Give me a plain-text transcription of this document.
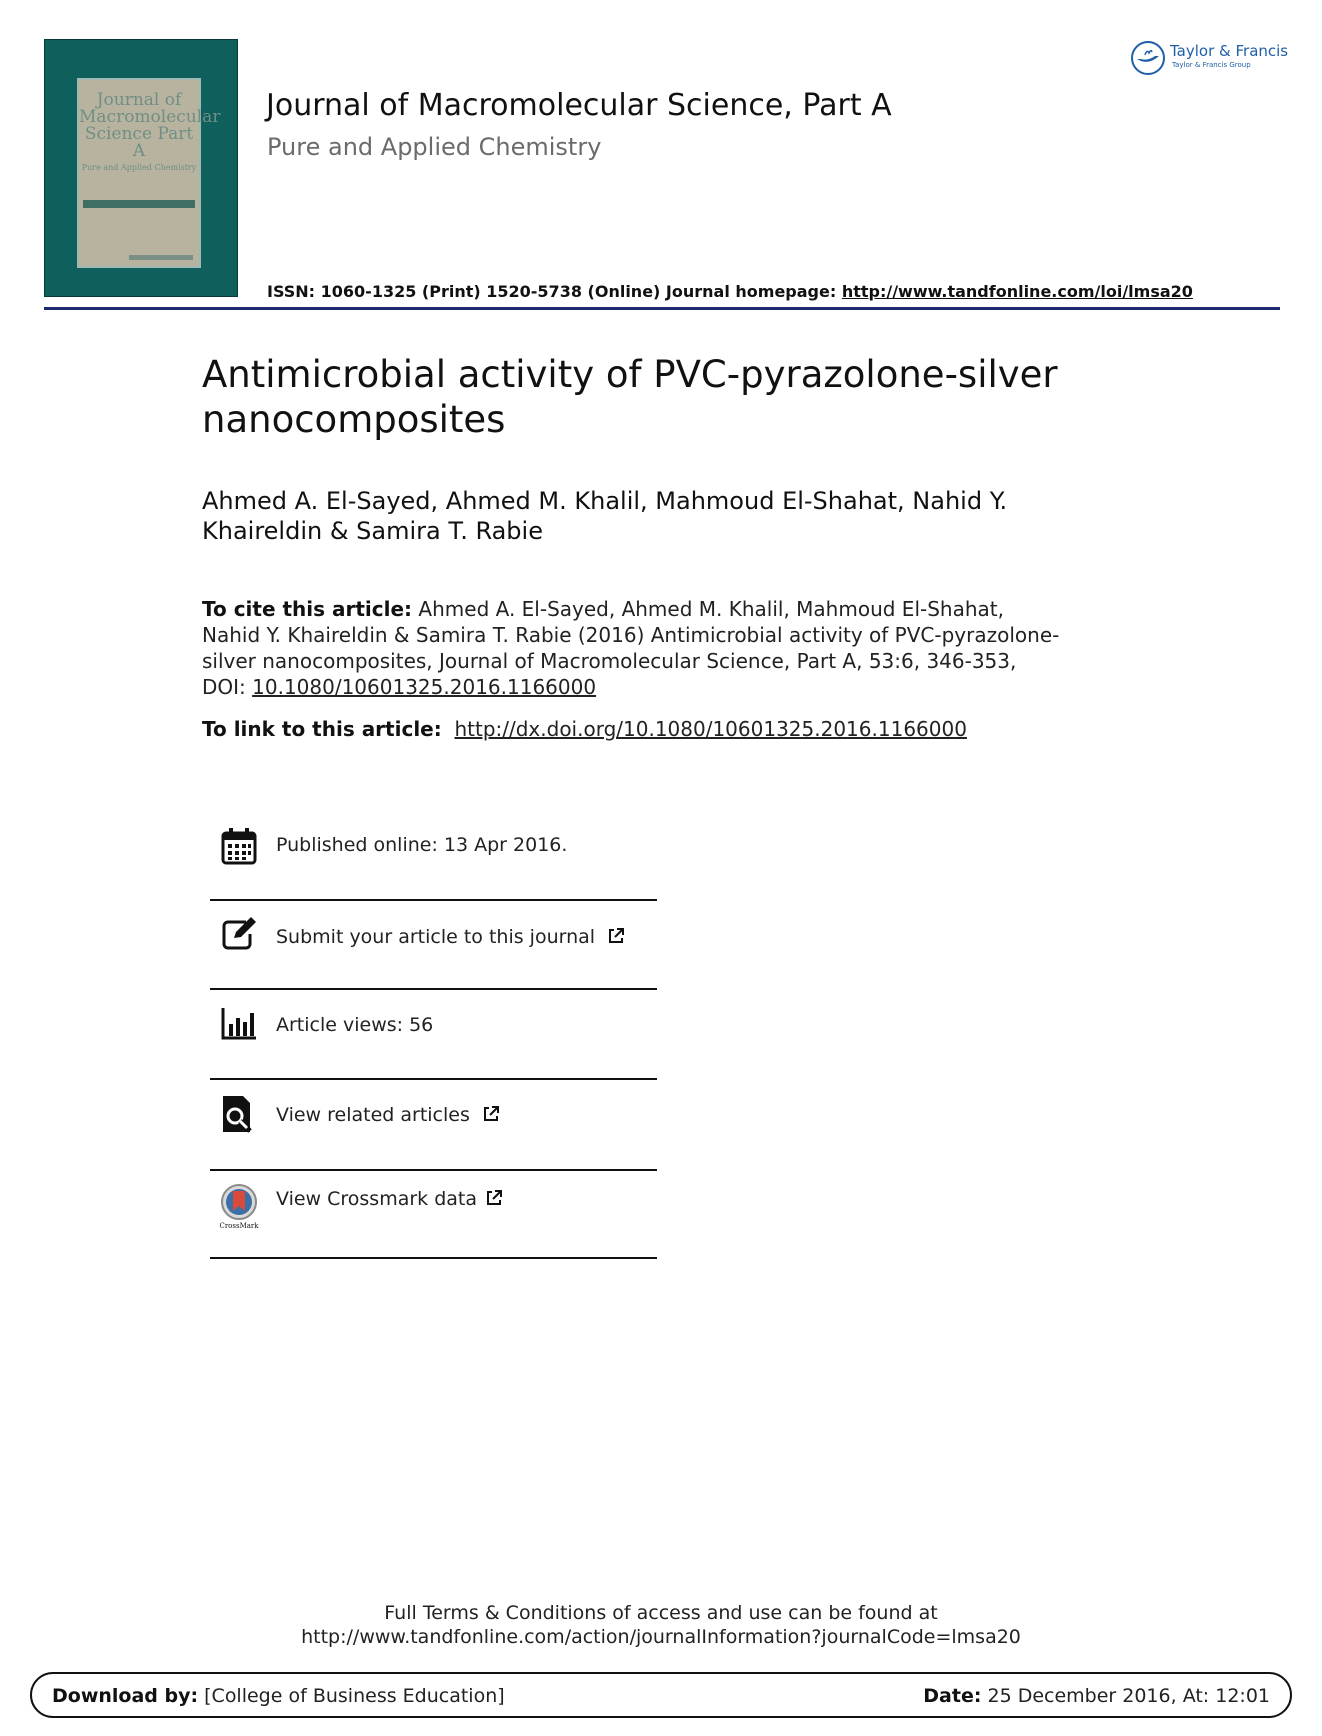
Journal of Macromolecular Science Part A
Pure and Applied Chemistry
Journal of Macromolecular Science, Part A
Pure and Applied Chemistry
ISSN: 1060-1325 (Print) 1520-5738 (Online) Journal homepage: http://www.tandfonline.com/loi/lmsa20
Taylor & Francis
Taylor & Francis Group
Antimicrobial activity of PVC-pyrazolone-silver nanocomposites
Ahmed A. El-Sayed, Ahmed M. Khalil, Mahmoud El-Shahat, Nahid Y. Khaireldin & Samira T. Rabie
To cite this article: Ahmed A. El-Sayed, Ahmed M. Khalil, Mahmoud El-Shahat, Nahid Y. Khaireldin & Samira T. Rabie (2016) Antimicrobial activity of PVC-pyrazolone-silver nanocomposites, Journal of Macromolecular Science, Part A, 53:6, 346-353, DOI: 10.1080/10601325.2016.1166000
To link to this article: http://dx.doi.org/10.1080/10601325.2016.1166000
Published online: 13 Apr 2016.
Submit your article to this journal
Article views: 56
View related articles
CrossMark
View Crossmark data
Full Terms & Conditions of access and use can be found at
http://www.tandfonline.com/action/journalInformation?journalCode=lmsa20
Download by: [College of Business Education]	Date: 25 December 2016, At: 12:01
